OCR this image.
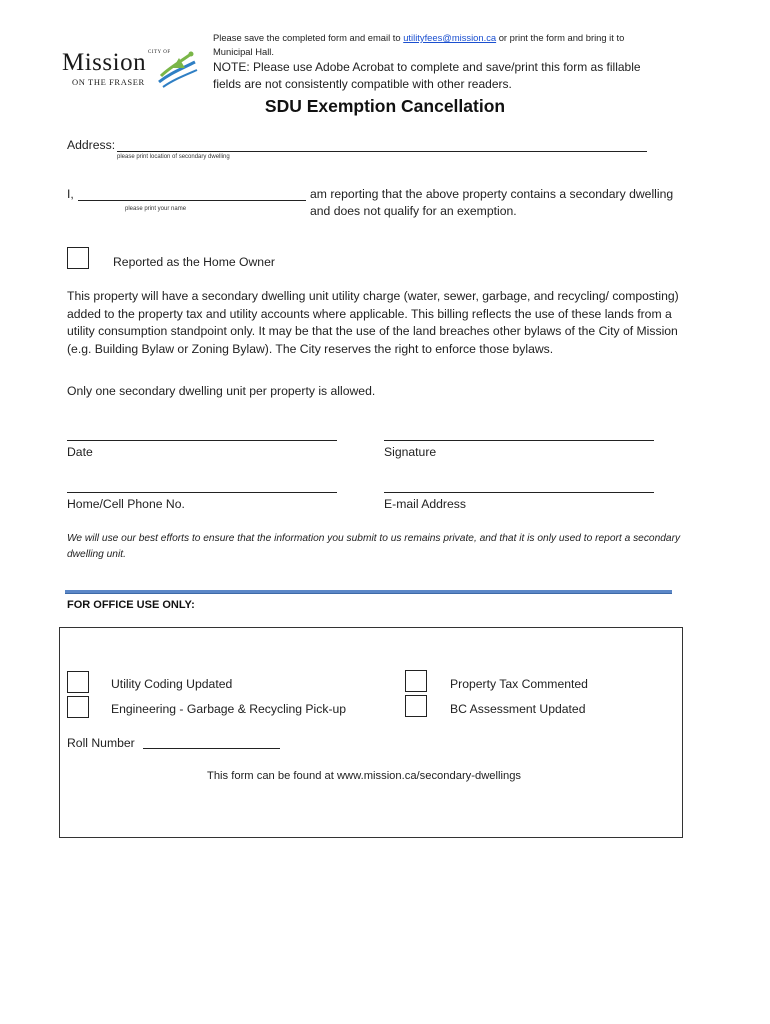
CITY OF
Mission
ON THE FRASER
Please save the completed form and email to utilityfees@mission.ca or print the form and bring it to Municipal Hall.
NOTE: Please use Adobe Acrobat to complete and save/print this form as fillable fields are not consistently compatible with other readers.
SDU Exemption Cancellation
Address:
please print location of secondary dwelling
I,
please print your name
am reporting that the above property contains a secondary dwelling
and does not qualify for an exemption.
Reported as the Home Owner
This property will have a secondary dwelling unit utility charge (water, sewer, garbage, and recycling/ composting) added to the property tax and utility accounts where applicable. This billing reflects the use of these lands from a utility consumption standpoint only. It may be that the use of the land breaches other bylaws of the City of Mission (e.g. Building Bylaw or Zoning Bylaw). The City reserves the right to enforce those bylaws.
Only one secondary dwelling unit per property is allowed.
Date	Signature
Home/Cell Phone No.	E-mail Address
We will use our best efforts to ensure that the information you submit to us remains private, and that it is only used to report a secondary dwelling unit.
FOR OFFICE USE ONLY:
Utility Coding Updated
Engineering - Garbage & Recycling Pick-up
Property Tax Commented
BC Assessment Updated
Roll Number
This form can be found at www.mission.ca/secondary-dwellings
